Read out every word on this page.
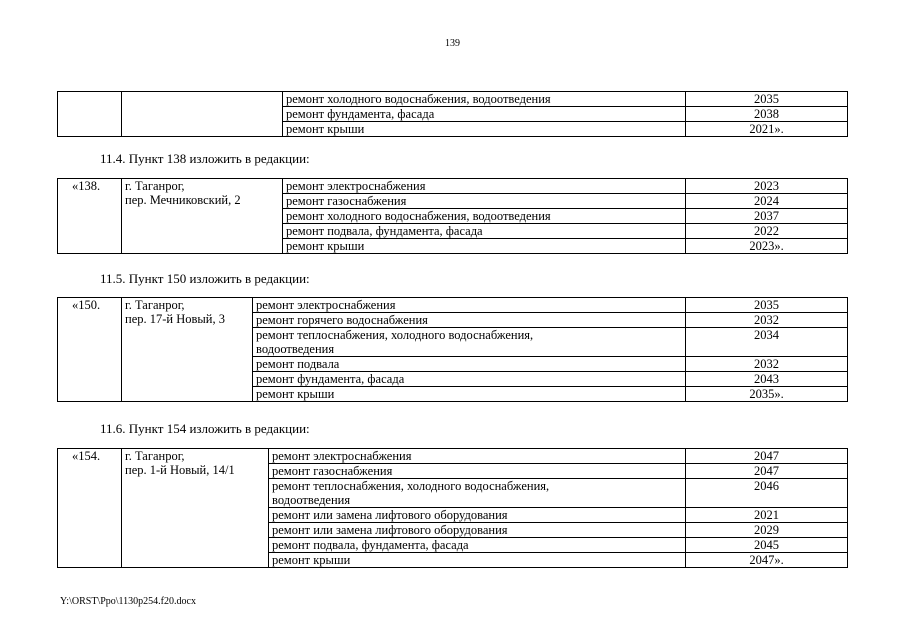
139
		ремонт холодного водоснабжения, водоотведения	2035
		ремонт фундамента, фасада	2038
		ремонт крыши	2021».
11.4. Пункт 138 изложить в редакции:
«138.	г. Таганрог,
пер. Мечниковский, 2	ремонт электроснабжения	2023
		ремонт газоснабжения	2024
		ремонт холодного водоснабжения, водоотведения	2037
		ремонт подвала, фундамента, фасада	2022
		ремонт крыши	2023».
11.5. Пункт 150 изложить в редакции:
«150.	г. Таганрог,
пер. 17-й Новый, 3	ремонт электроснабжения	2035
		ремонт горячего водоснабжения	2032
		ремонт теплоснабжения, холодного водоснабжения,
водоотведения	2034
		ремонт подвала	2032
		ремонт фундамента, фасада	2043
		ремонт крыши	2035».
11.6. Пункт 154 изложить в редакции:
«154.	г. Таганрог,
пер. 1-й Новый, 14/1	ремонт электроснабжения	2047
		ремонт газоснабжения	2047
		ремонт теплоснабжения, холодного водоснабжения,
водоотведения	2046
		ремонт или замена лифтового оборудования	2021
		ремонт или замена лифтового оборудования	2029
		ремонт подвала, фундамента, фасада	2045
		ремонт крыши	2047».
Y:\ORST\Ppo\1130p254.f20.docx
